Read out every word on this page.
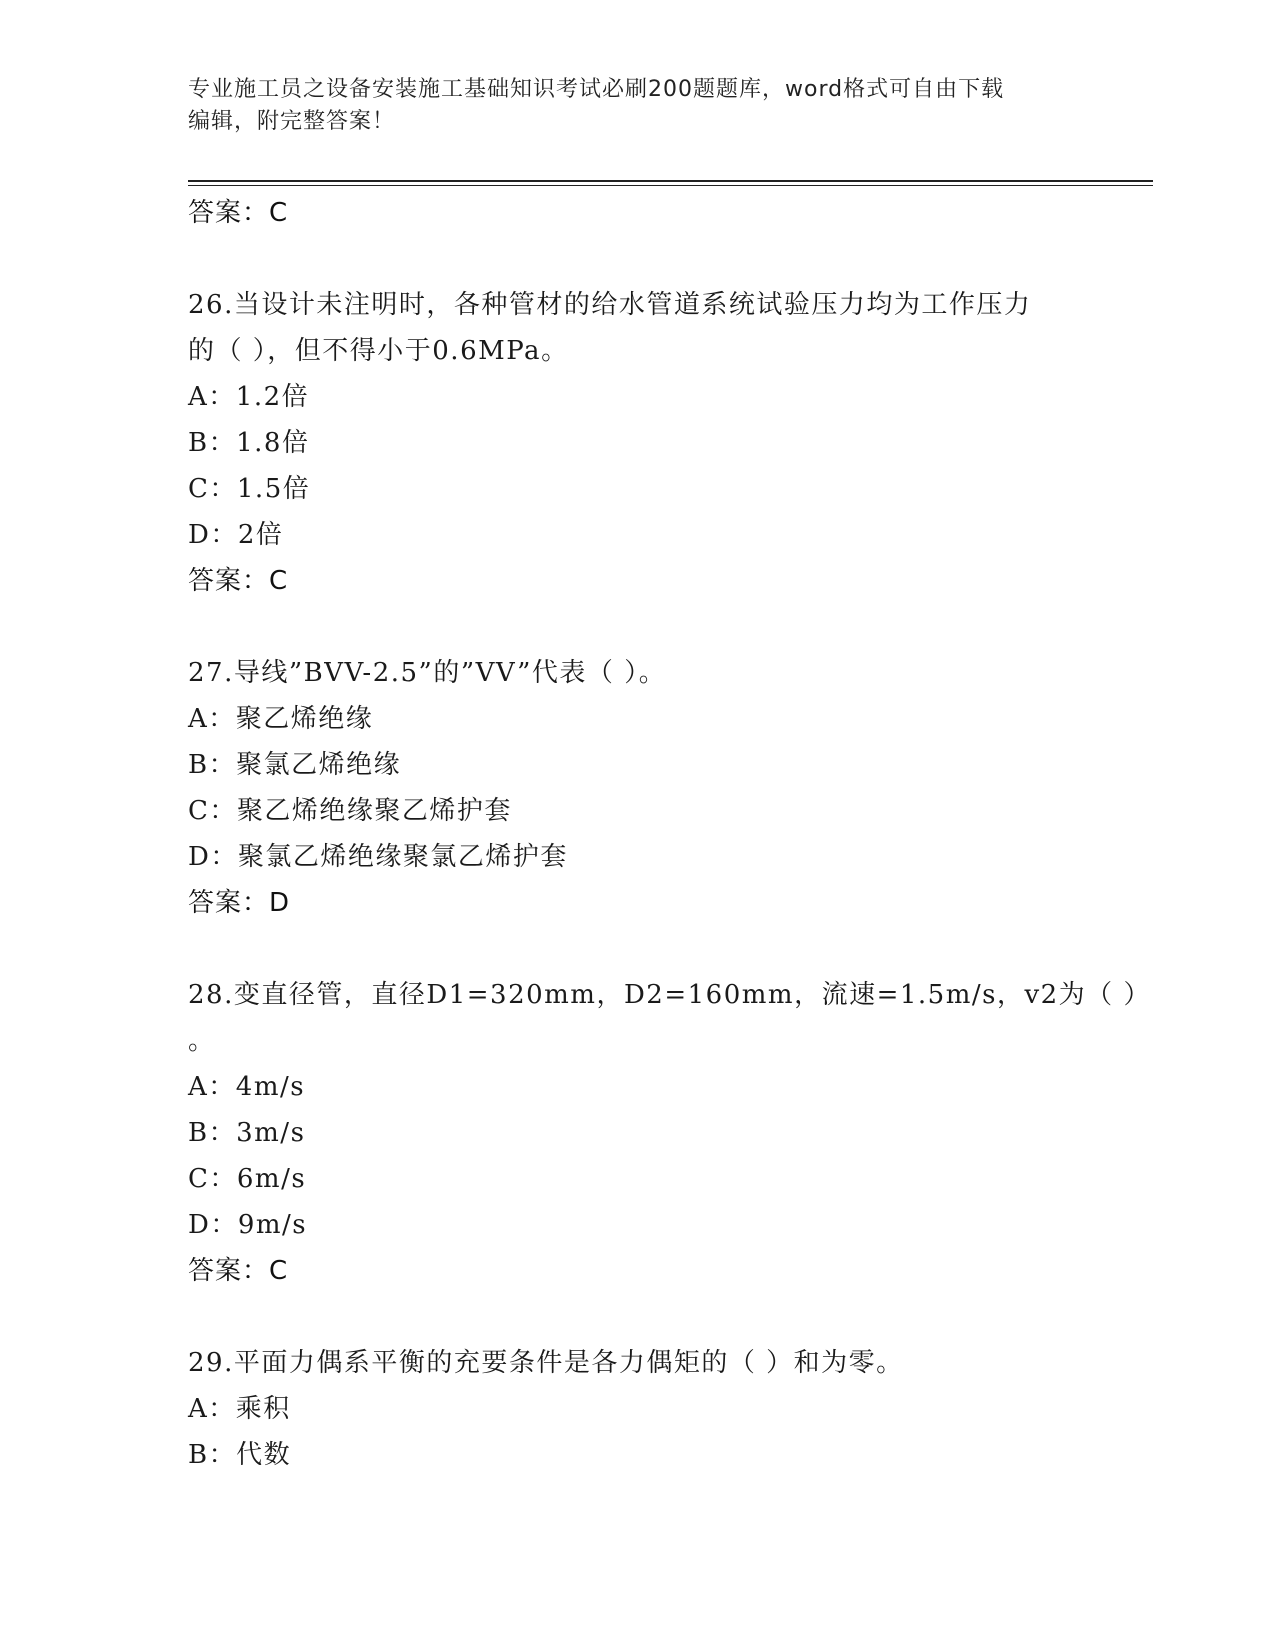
专业施工员之设备安装施工基础知识考试必刷200题题库，word格式可自由下载
编辑，附完整答案！
答案：C
26.当设计未注明时，各种管材的给水管道系统试验压力均为工作压力
的（ ），但不得小于0.6MPa。
A：1.2倍
B：1.8倍
C：1.5倍
D：2倍
答案：C
27.导线”BVV-2.5”的”VV”代表（ ）。
A：聚乙烯绝缘
B：聚氯乙烯绝缘
C：聚乙烯绝缘聚乙烯护套
D：聚氯乙烯绝缘聚氯乙烯护套
答案：D
28.变直径管，直径D1=320mm，D2=160mm，流速=1.5m/s，v2为（ ）
。
A：4m/s
B：3m/s
C：6m/s
D：9m/s
答案：C
29.平面力偶系平衡的充要条件是各力偶矩的（ ）和为零。
A：乘积
B：代数
